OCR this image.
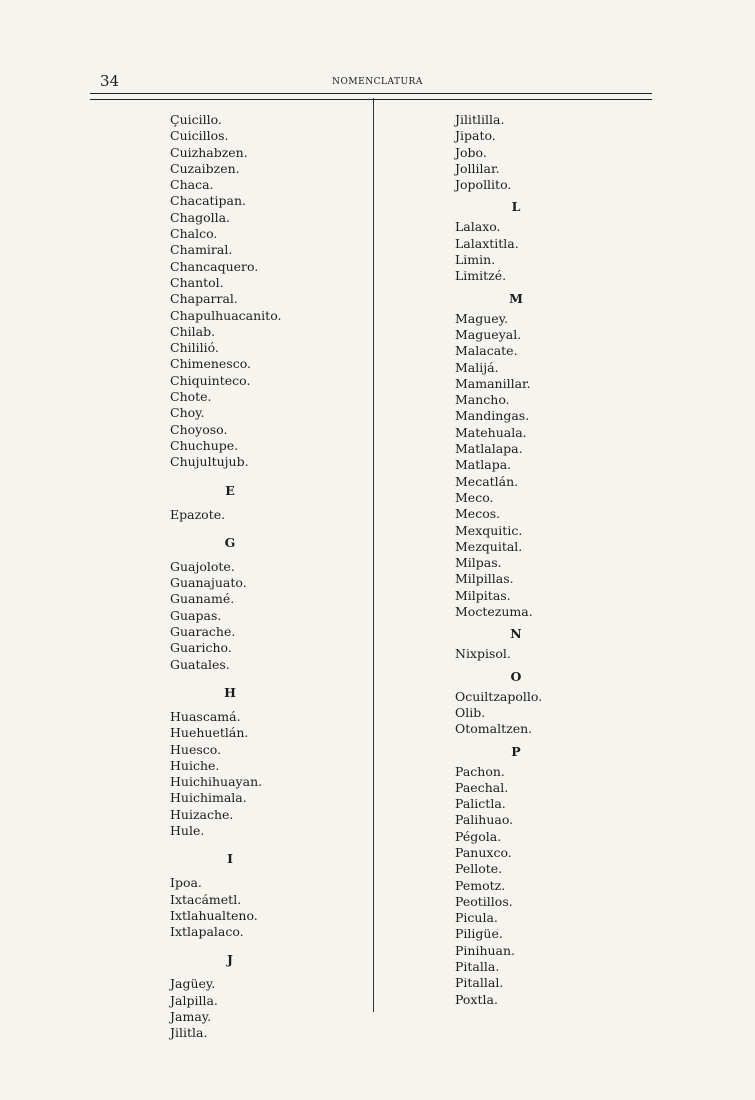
34	NOMENCLATURA
Çuicillo.
Cuicillos.
Cuizhabzen.
Cuzaibzen.
Chaca.
Chacatipan.
Chagolla.
Chalco.
Chamiral.
Chancaquero.
Chantol.
Chaparral.
Chapulhuacanito.
Chilab.
Chililió.
Chimenesco.
Chiquinteco.
Chote.
Choy.
Choyoso.
Chuchupe.
Chujultujub.
E
Epazote.
G
Guajolote.
Guanajuato.
Guanamé.
Guapas.
Guarache.
Guaricho.
Guatales.
H
Huascamá.
Huehuetlán.
Huesco.
Huiche.
Huichihuayan.
Huichimala.
Huizache.
Hule.
I
Ipoa.
Ixtacámetl.
Ixtlahualteno.
Ixtlapalaco.
J
Jagüey.
Jalpilla.
Jamay.
Jilitla.
Jilitlilla.
Jipato.
Jobo.
Jollilar.
Jopollito.
L
Lalaxo.
Lalaxtitla.
Limin.
Limitzé.
M
Maguey.
Magueyal.
Malacate.
Malijá.
Mamanillar.
Mancho.
Mandingas.
Matehuala.
Matlalapa.
Matlapa.
Mecatlán.
Meco.
Mecos.
Mexquitic.
Mezquital.
Milpas.
Milpillas.
Milpitas.
Moctezuma.
N
Nixpisol.
O
Ocuiltzapollo.
Olib.
Otomaltzen.
P
Pachon.
Paechal.
Palictla.
Palihuao.
Pégola.
Panuxco.
Pellote.
Pemotz.
Peotillos.
Picula.
Piligüe.
Pinihuan.
Pitalla.
Pitallal.
Poxtla.
